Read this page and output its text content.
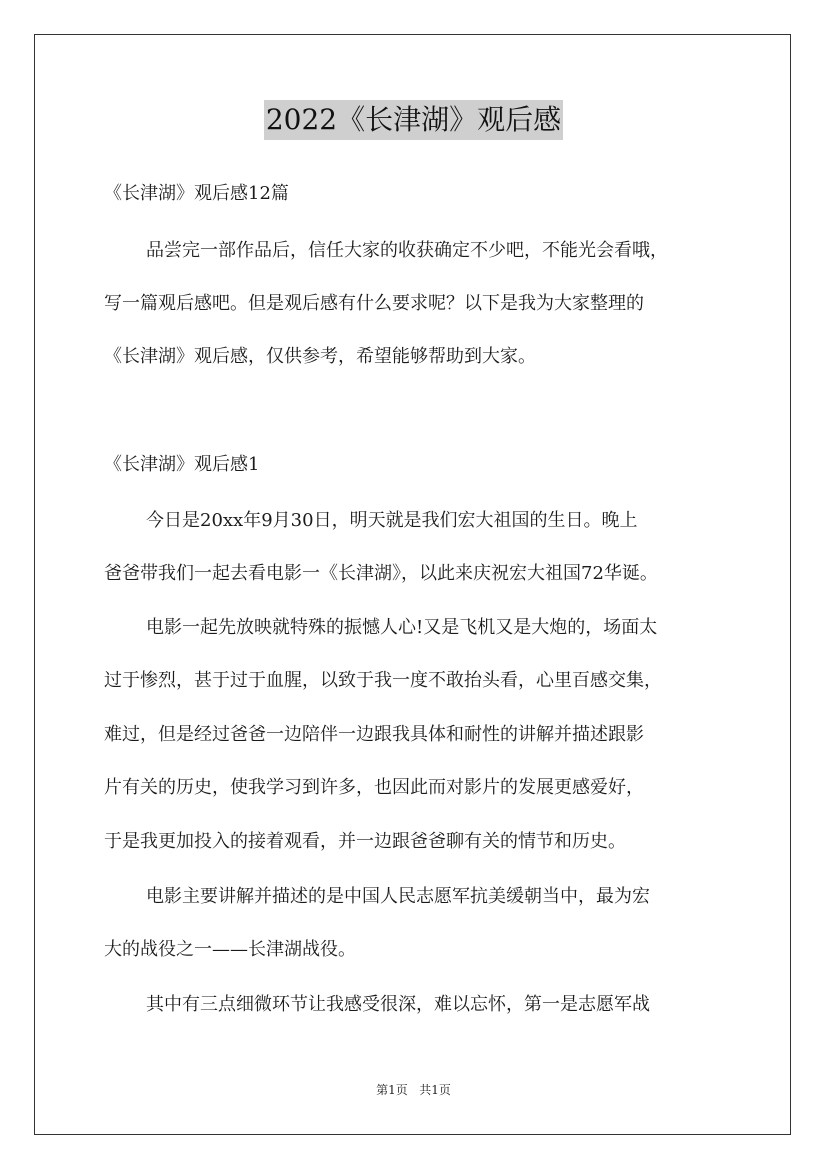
2022《长津湖》观后感
《长津湖》观后感12篇
品尝完一部作品后，信任大家的收获确定不少吧，不能光会看哦，
写一篇观后感吧。但是观后感有什么要求呢？以下是我为大家整理的
《长津湖》观后感，仅供参考，希望能够帮助到大家。
《长津湖》观后感1
今日是20xx年9月30日，明天就是我们宏大祖国的生日。晚上
爸爸带我们一起去看电影一《长津湖》，以此来庆祝宏大祖国72华诞。
电影一起先放映就特殊的振憾人心!又是飞机又是大炮的，场面太
过于惨烈，甚于过于血腥，以致于我一度不敢抬头看，心里百感交集，
难过，但是经过爸爸一边陪伴一边跟我具体和耐性的讲解并描述跟影
片有关的历史，使我学习到许多，也因此而对影片的发展更感爱好，
于是我更加投入的接着观看，并一边跟爸爸聊有关的情节和历史。
电影主要讲解并描述的是中国人民志愿军抗美缓朝当中，最为宏
大的战役之一——长津湖战役。
其中有三点细微环节让我感受很深，难以忘怀，第一是志愿军战
第1页 共1页
